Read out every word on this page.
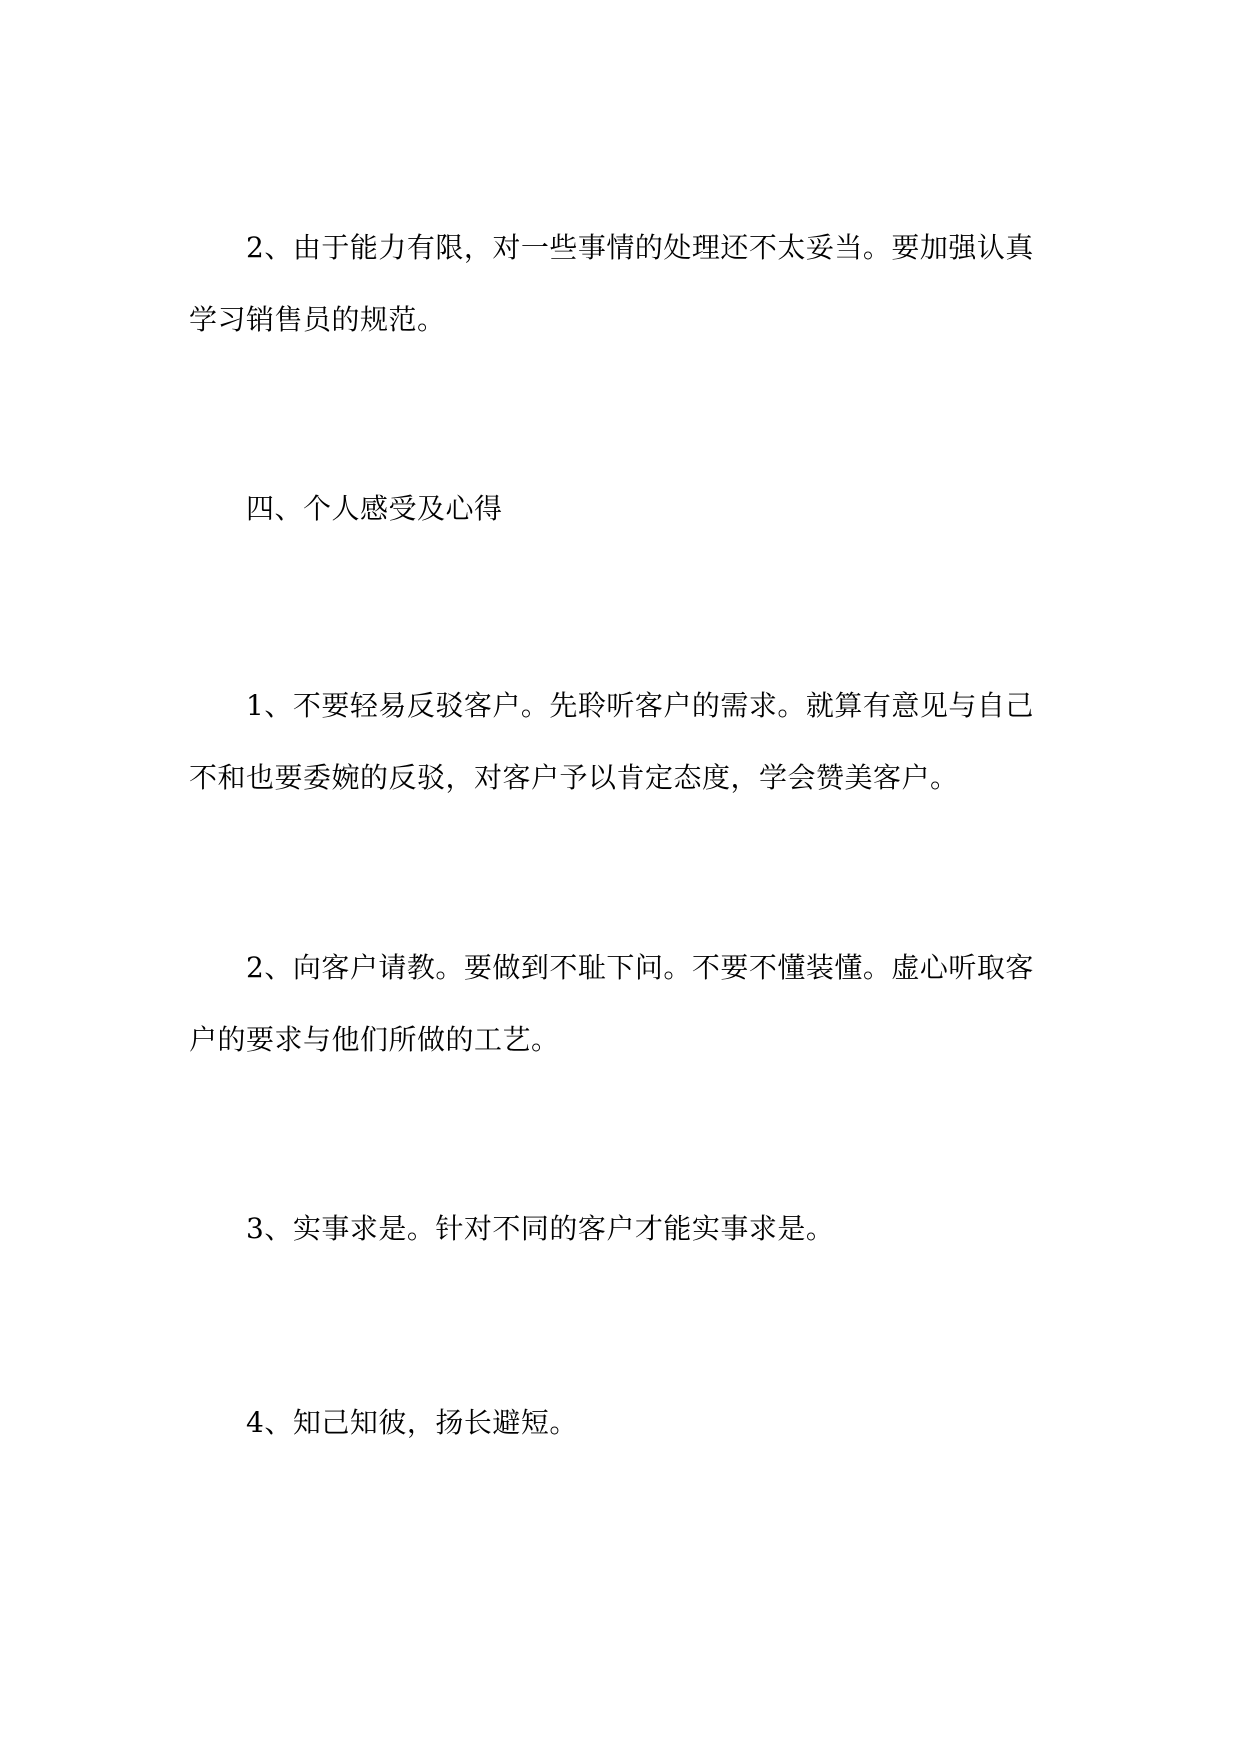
2、由于能力有限，对一些事情的处理还不太妥当。要加强认真学习销售员的规范。

四、个人感受及心得

1、不要轻易反驳客户。先聆听客户的需求。就算有意见与自己不和也要委婉的反驳，对客户予以肯定态度，学会赞美客户。

2、向客户请教。要做到不耻下问。不要不懂装懂。虚心听取客户的要求与他们所做的工艺。

3、实事求是。针对不同的客户才能实事求是。

4、知己知彼，扬长避短。
